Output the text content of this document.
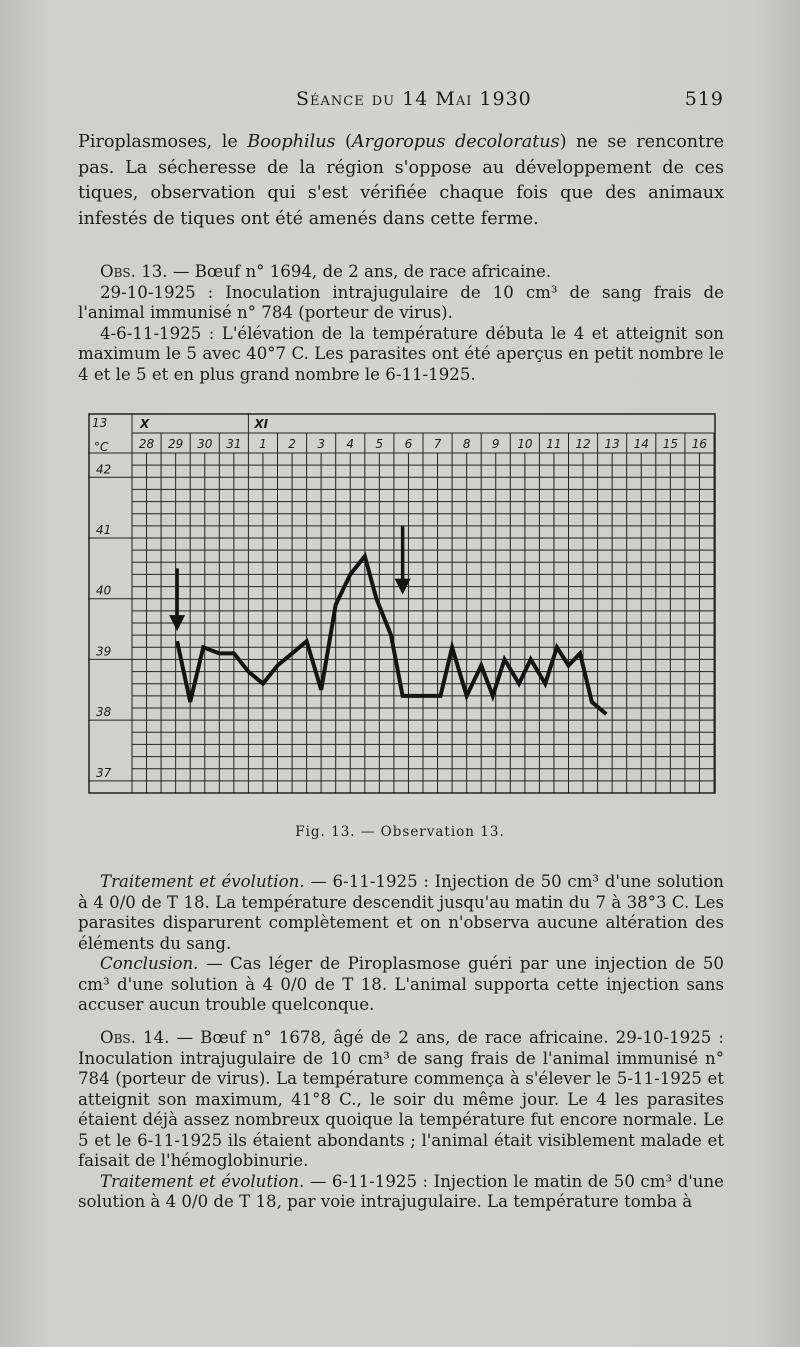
Séance du 14 Mai 1930	519

Piroplasmoses, le Boophilus (Argoropus decoloratus) ne se rencontre pas. La sécheresse de la région s'oppose au développement de ces tiques, observation qui s'est vérifiée chaque fois que des animaux infestés de tiques ont été amenés dans cette ferme.

Obs. 13. — Bœuf n° 1694, de 2 ans, de race africaine.

29-10-1925 : Inoculation intrajugulaire de 10 cm³ de sang frais de l'animal immunisé n° 784 (porteur de virus).

4-6-11-1925 : L'élévation de la température débuta le 4 et atteignit son maximum le 5 avec 40°7 C. Les parasites ont été aperçus en petit nombre le 4 et le 5 et en plus grand nombre le 6-11-1925.

13	X	XI
°C	28 29 30 31 1 2 3 4 5 6 7 8 9 10 11 12 13 14 15 16
42
41
40
39
38
37
Fig. 13. — Observation 13.

Traitement et évolution. — 6-11-1925 : Injection de 50 cm³ d'une solution à 4 0/0 de T 18. La température descendit jusqu'au matin du 7 à 38°3 C. Les parasites disparurent complètement et on n'observa aucune altération des éléments du sang.

Conclusion. — Cas léger de Piroplasmose guéri par une injection de 50 cm³ d'une solution à 4 0/0 de T 18. L'animal supporta cette injection sans accuser aucun trouble quelconque.

Obs. 14. — Bœuf n° 1678, âgé de 2 ans, de race africaine. 29-10-1925 : Inoculation intrajugulaire de 10 cm³ de sang frais de l'animal immunisé n° 784 (porteur de virus). La température commença à s'élever le 5-11-1925 et atteignit son maximum, 41°8 C., le soir du même jour. Le 4 les parasites étaient déjà assez nombreux quoique la température fut encore normale. Le 5 et le 6-11-1925 ils étaient abondants ; l'animal était visiblement malade et faisait de l'hémoglobinurie.

Traitement et évolution. — 6-11-1925 : Injection le matin de 50 cm³ d'une solution à 4 0/0 de T 18, par voie intrajugulaire. La température tomba à
